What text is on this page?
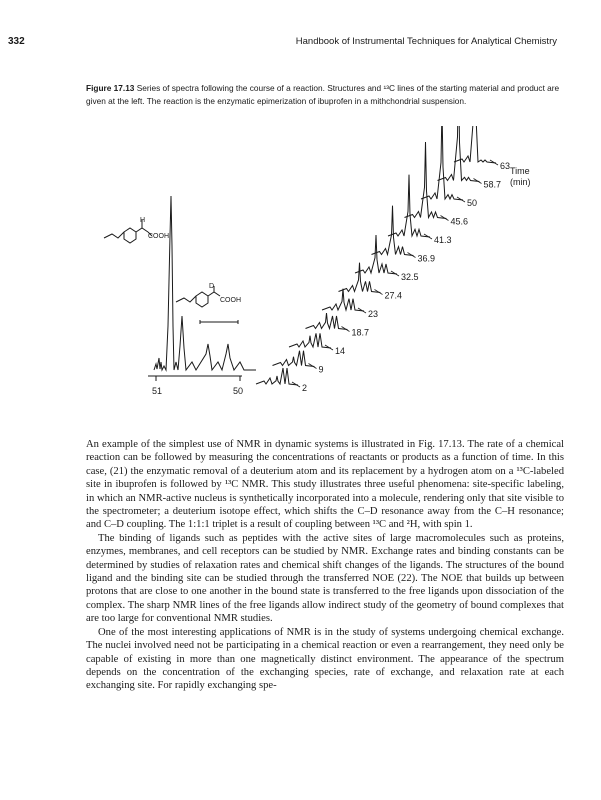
332	Handbook of Instrumental Techniques for Analytical Chemistry
Figure 17.13 Series of spectra following the course of a reaction. Structures and ¹³C lines of the starting material and product are given at the left. The reaction is the enzymatic epimerization of ibuprofen in a mithchondrial suspension.
H
COOH
D
COOH
51	50	2
9
14
18.7
23
27.4
32.5
36.9
41.3
45.6
50
58.7
63 Time
(min)

An example of the simplest use of NMR in dynamic systems is illustrated in Fig. 17.13. The rate of a chemical reaction can be followed by measuring the concentrations of reactants or products as a function of time. In this case, (21) the enzymatic removal of a deuterium atom and its replacement by a hydrogen atom on a ¹³C-labeled site in ibuprofen is followed by ¹³C NMR. This study illustrates three useful phenomena: site-specific labeling, in which an NMR-active nucleus is synthetically incorporated into a molecule, rendering only that site visible to the spectrometer; a deuterium isotope effect, which shifts the C–D resonance away from the C–H resonance; and C–D coupling. The 1:1:1 triplet is a result of coupling between ¹³C and ²H, with spin 1.

The binding of ligands such as peptides with the active sites of large macromolecules such as proteins, enzymes, membranes, and cell receptors can be studied by NMR. Exchange rates and binding constants can be determined by studies of relaxation rates and chemical shift changes of the ligands. The structures of the bound ligand and the binding site can be studied through the transferred NOE (22). The NOE that builds up between protons that are close to one another in the bound state is transferred to the free ligands upon dissociation of the complex. The sharp NMR lines of the free ligands allow indirect study of the geometry of bound complexes that are too large for conventional NMR studies.

One of the most interesting applications of NMR is in the study of systems undergoing chemical exchange. The nuclei involved need not be participating in a chemical reaction or even a rearrangement, they need only be capable of existing in more than one magnetically distinct environment. The appearance of the spectrum depends on the concentration of the exchanging species, rate of exchange, and relaxation rate at each exchanging site. For rapidly exchanging spe-
